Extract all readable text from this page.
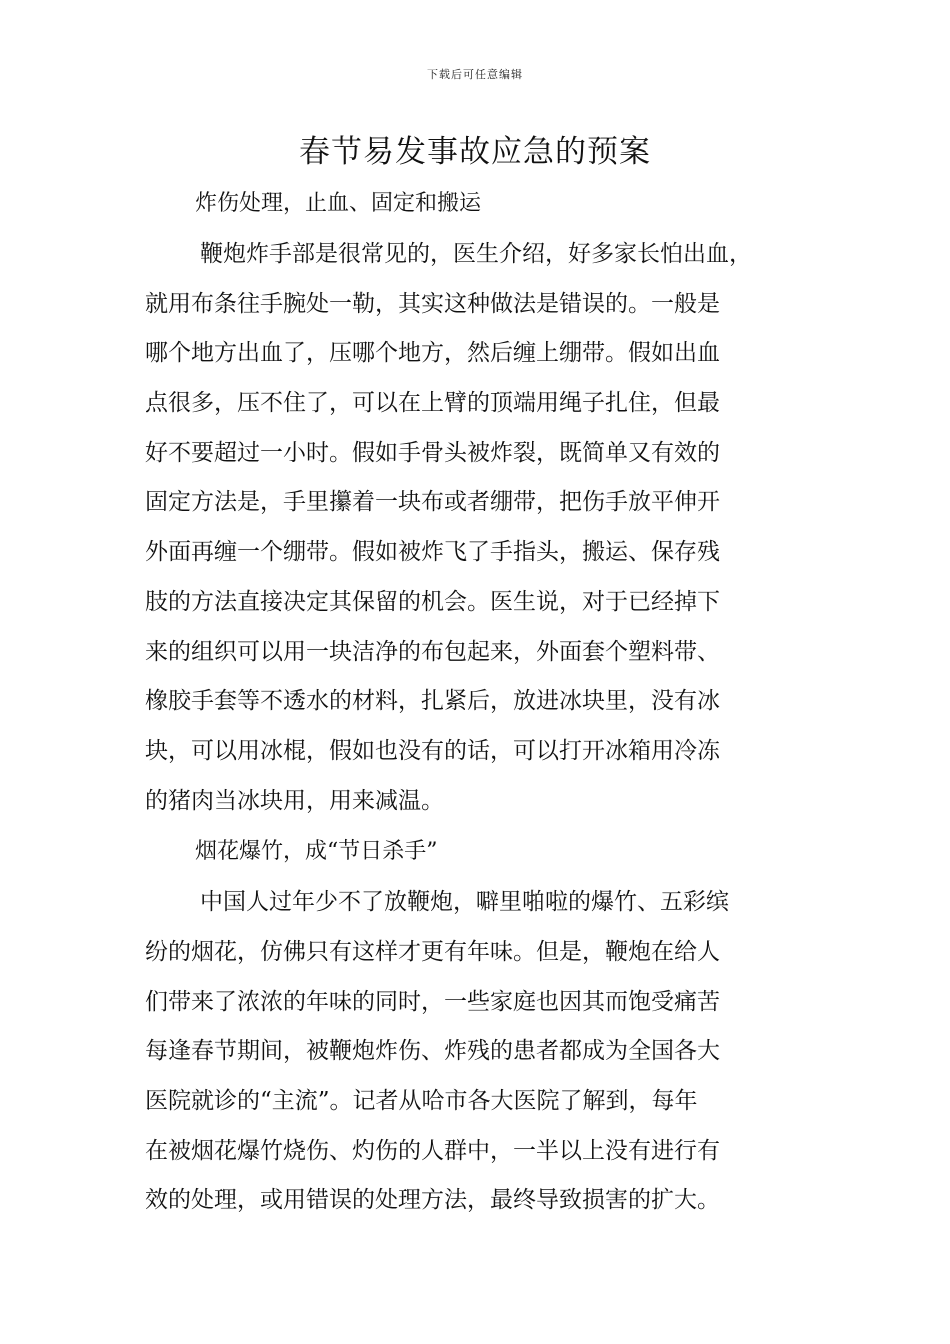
下载后可任意编辑
春节易发事故应急的预案

炸伤处理，止血、固定和搬运

鞭炮炸手部是很常见的，医生介绍，好多家长怕出血，
就用布条往手腕处一勒，其实这种做法是错误的。一般是
哪个地方出血了，压哪个地方，然后缠上绷带。假如出血
点很多，压不住了，可以在上臂的顶端用绳子扎住，但最
好不要超过一小时。假如手骨头被炸裂，既简单又有效的
固定方法是，手里攥着一块布或者绷带，把伤手放平伸开
外面再缠一个绷带。假如被炸飞了手指头，搬运、保存残
肢的方法直接决定其保留的机会。医生说，对于已经掉下
来的组织可以用一块洁净的布包起来，外面套个塑料带、
橡胶手套等不透水的材料，扎紧后，放进冰块里，没有冰
块，可以用冰棍，假如也没有的话，可以打开冰箱用冷冻
的猪肉当冰块用，用来减温。

烟花爆竹，成“节日杀手”

中国人过年少不了放鞭炮，噼里啪啦的爆竹、五彩缤
纷的烟花，仿佛只有这样才更有年味。但是，鞭炮在给人
们带来了浓浓的年味的同时，一些家庭也因其而饱受痛苦
每逢春节期间，被鞭炮炸伤、炸残的患者都成为全国各大
医院就诊的“主流”。记者从哈市各大医院了解到，每年
在被烟花爆竹烧伤、灼伤的人群中，一半以上没有进行有
效的处理，或用错误的处理方法，最终导致损害的扩大。
